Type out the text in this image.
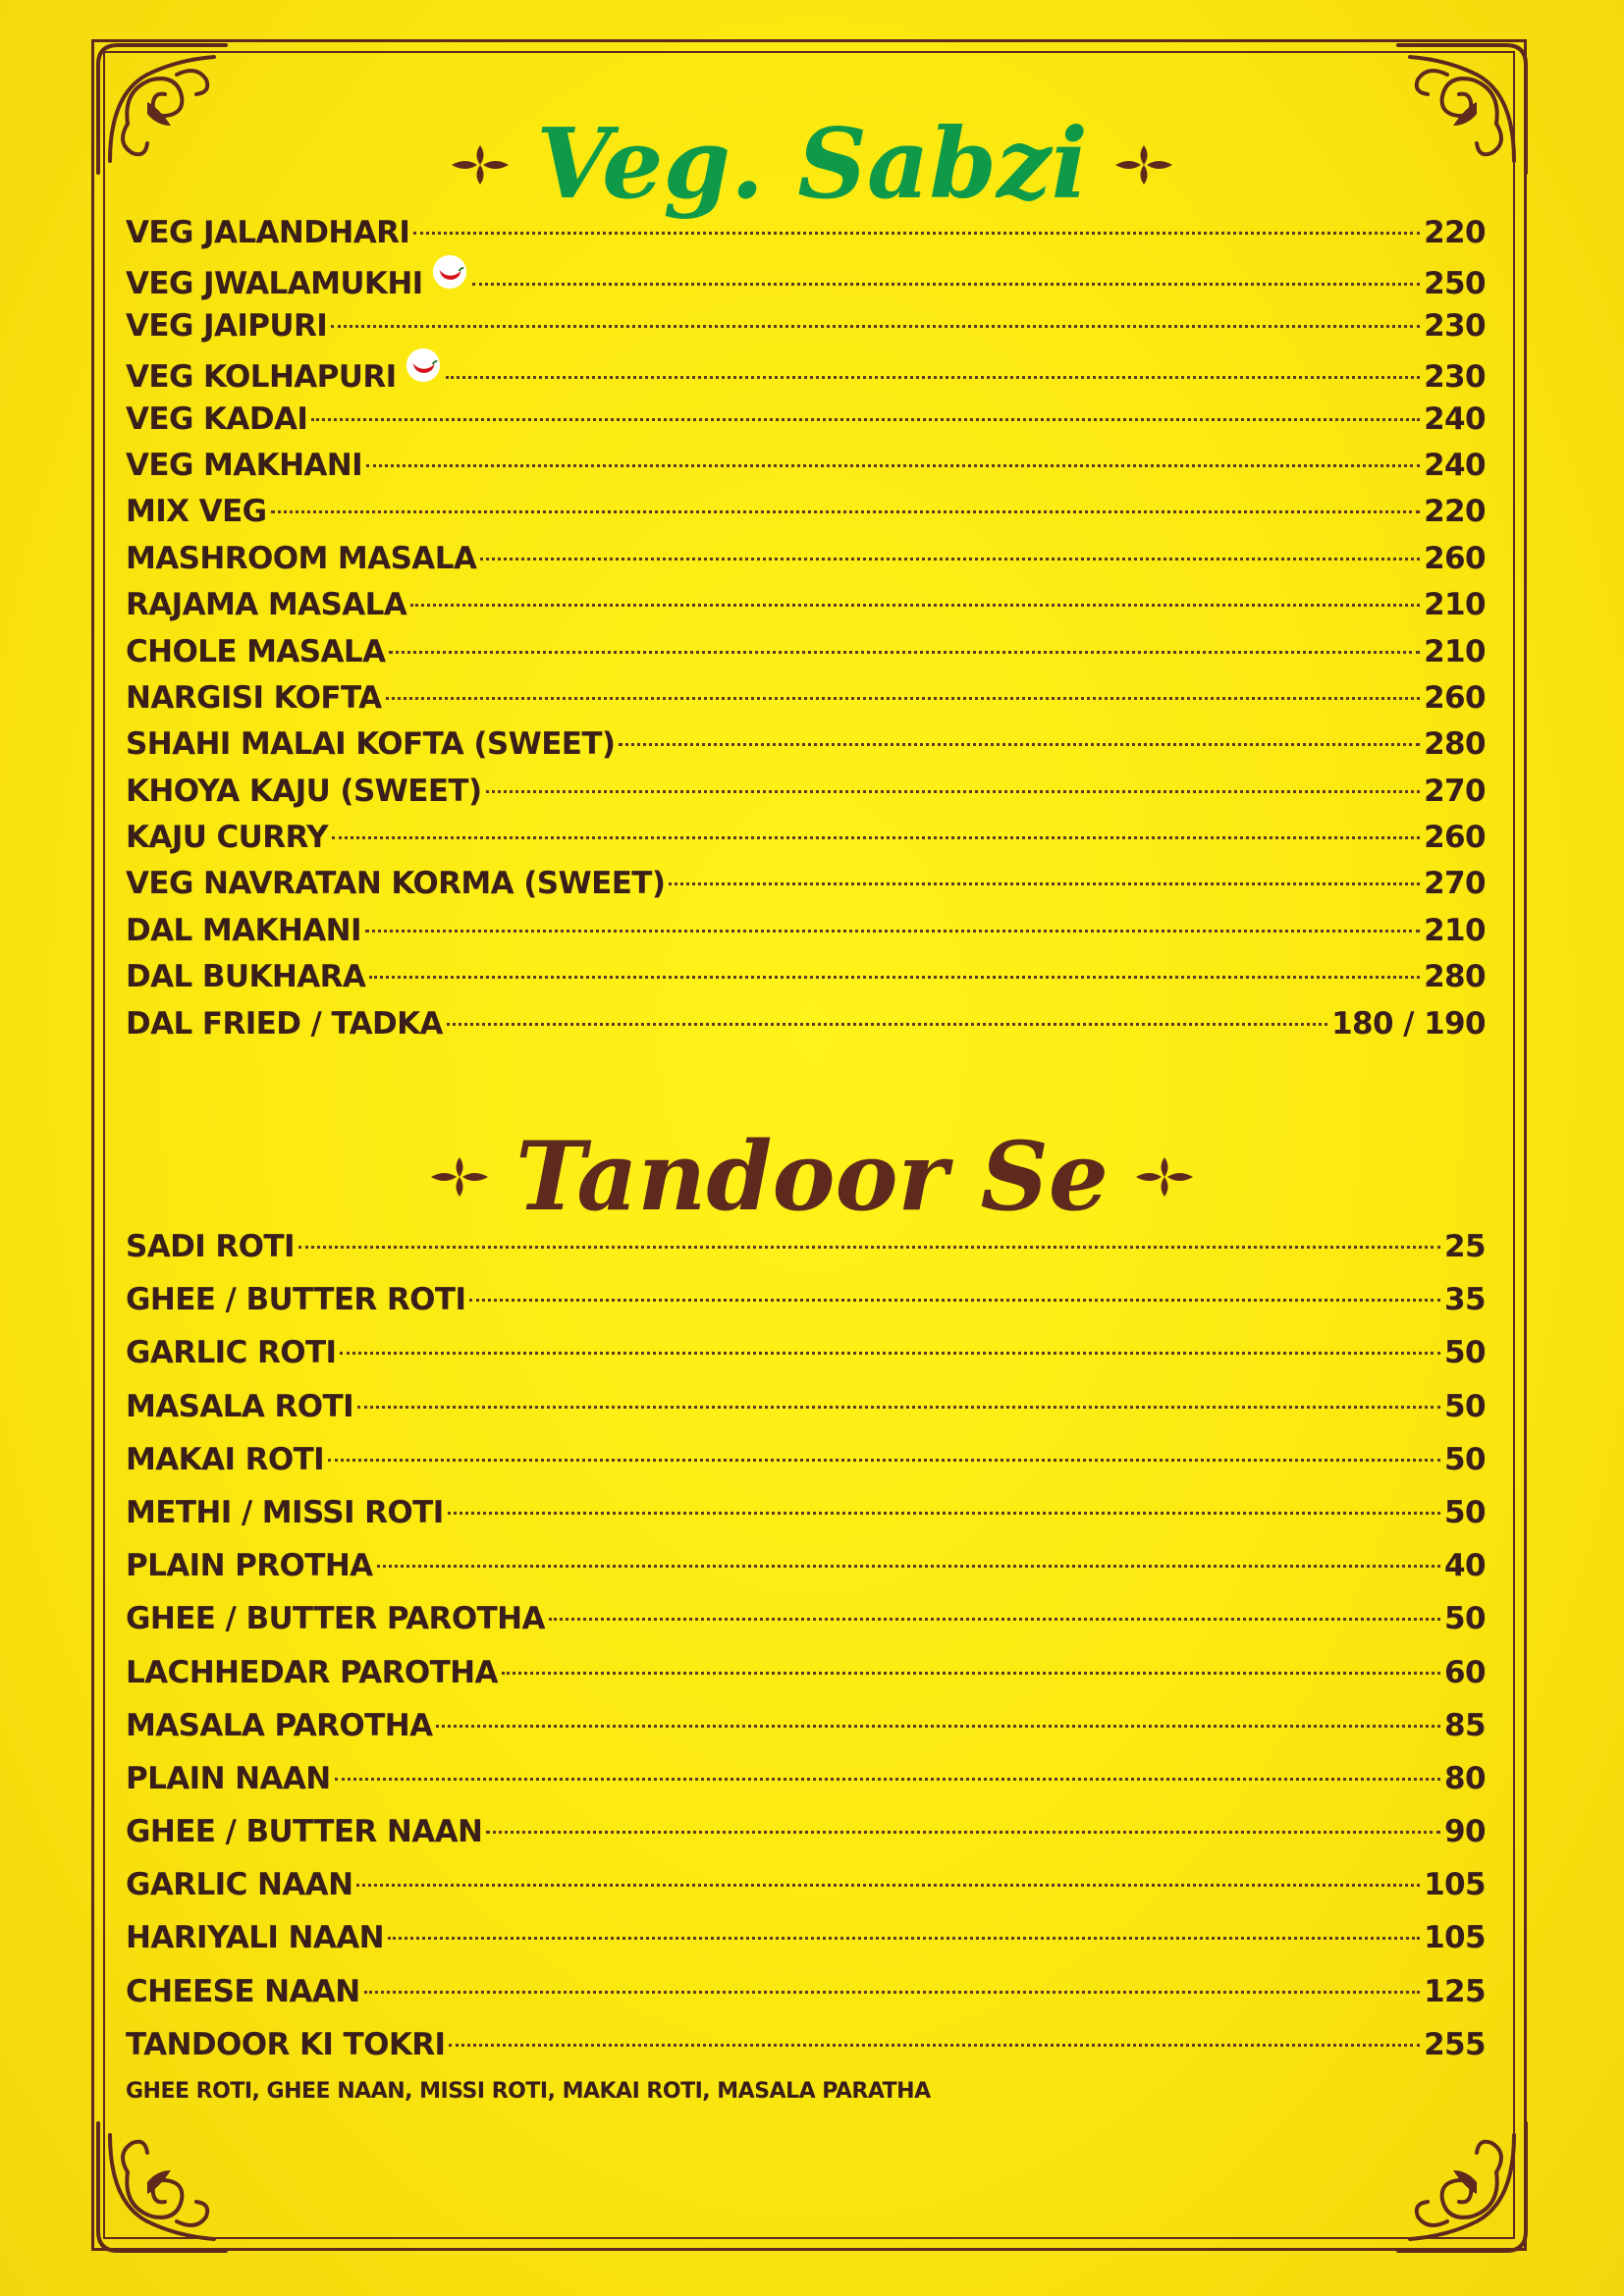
Veg. Sabzi
VEG JALANDHARI	220
VEG JWALAMUKHI	250
VEG JAIPURI	230
VEG KOLHAPURI	230
VEG KADAI	240
VEG MAKHANI	240
MIX VEG	220
MASHROOM MASALA	260
RAJAMA MASALA	210
CHOLE MASALA	210
NARGISI KOFTA	260
SHAHI MALAI KOFTA (SWEET)	280
KHOYA KAJU (SWEET)	270
KAJU CURRY	260
VEG NAVRATAN KORMA (SWEET)	270
DAL MAKHANI	210
DAL BUKHARA	280
DAL FRIED / TADKA	180 / 190
Tandoor Se
SADI ROTI	25
GHEE / BUTTER ROTI	35
GARLIC ROTI	50
MASALA ROTI	50
MAKAI ROTI	50
METHI / MISSI ROTI	50
PLAIN PROTHA	40
GHEE / BUTTER PAROTHA	50
LACHHEDAR PAROTHA	60
MASALA PAROTHA	85
PLAIN NAAN	80
GHEE / BUTTER NAAN	90
GARLIC NAAN	105
HARIYALI NAAN	105
CHEESE NAAN	125
TANDOOR KI TOKRI	255
GHEE ROTI, GHEE NAAN, MISSI ROTI, MAKAI ROTI, MASALA PARATHA
